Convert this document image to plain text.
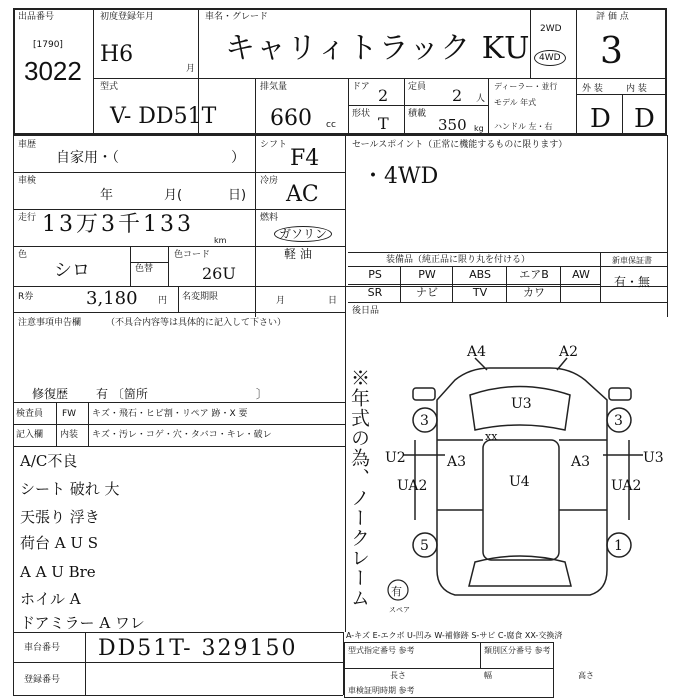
出品番号
[1790]
3022
初度登録年月
H6
月
車名・グレード
キャリィトラック KU
2WD
4WD
評 価 点
3
型式
V- DD51T
排気量
660 cc
ドア 2 定員 2 人
形状 T 積載
350 kg
ディーラー・並行
モデル 年式
ハンドル 左・右
外 装	内 装
D D
車歴
自家用・（　　　　　　　　）
車検
年	月(	日)
走行 13万3千133
km
色
シロ	色替
色コード
26U
シフト
F4
冷房
AC
燃料
ガソリン
軽 油
セールスポイント（正常に機能するものに限ります）
・4WD
装備品（純正品に限り丸を付ける）	新車保証書
有・無
PS	PW	ABS	エアB	AW
SR	ナビ	TV	カワ
後日品
R券	3,180 円 名変期限	月	日
注意事項申告欄	（不具合内容等は具体的に記入して下さい）
修復歴 有 〔箇所　　　　　　　　　〕
検査員
記入欄
FW キズ・飛石・ヒビ割・リペア 跡・X 要
内装 キズ・汚レ・コゲ・穴・タバコ・キレ・破レ
A/C不良
シート 破れ 大
天張り 浮き
荷台 A U S
A A U Bre
ホイル A
ドアミラー A ワレ
※年式の為、ノークレーム
A4	A2
U3
U2	A3
U4
A3	U3
UA2	UA2
xx
3	3
5	1
有
スペア
A-キズ E-エクボ U-凹み W-補修跡 S-サビ C-腐食 XX-交換済
車台番号 DD51T- 329150
登録番号
型式指定番号 参考	類別区分番号 参考
長さ	幅	高さ
車検証明時期 参考
